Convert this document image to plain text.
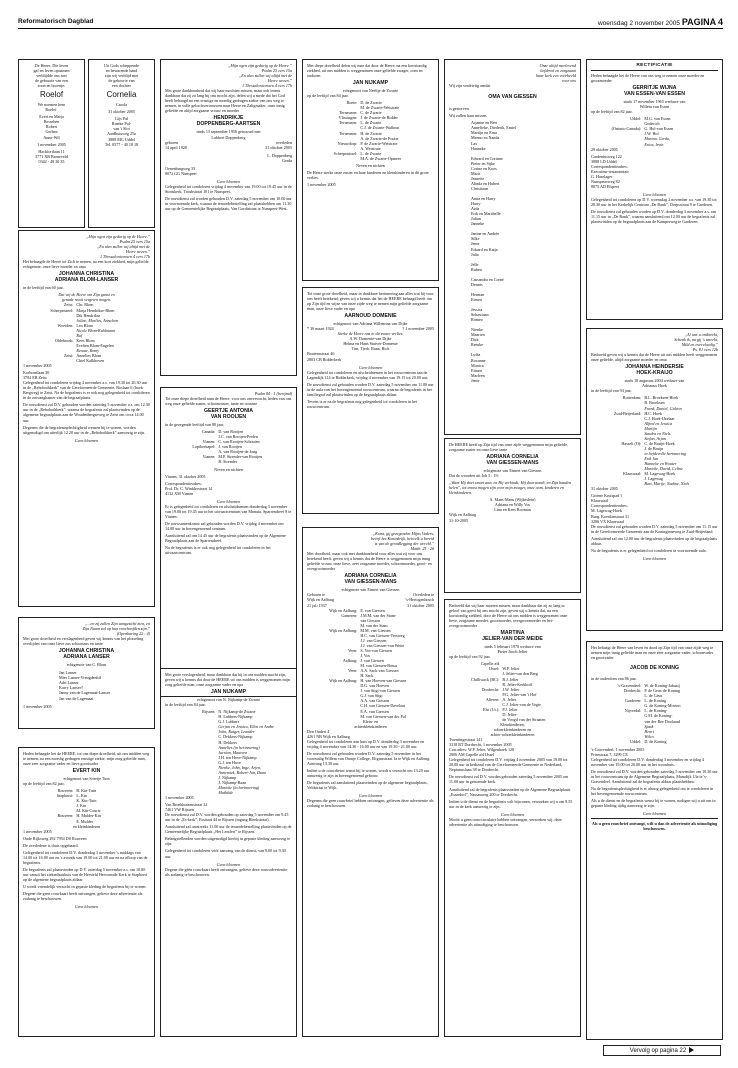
Reformatorisch Dagblad	woensdag 2 november 2005 PAGINA 4
De Heere, Die leven
gaf en leven opnamen
verblijdde ons met
de geboorte van een
zoon en broertje:
Roelof
We noemen hem
Roelof.

Evert en Marja
Bessehen
Robert
Gerben
Anne-Wil

1 november 2005

Hackfortlaan 11
3771 XB Barneveld
0342 - 49 30 35
Uit Gods scheppende
en bewarende hand
zijn wij verblijd met
de geboorte van
een dochter
Cornelia
Carola

31 oktober 2005

Gijs Pul
Rineke Pul-
van 't Slot
Aardhuisweg 25a
3888 MG Uddel
Tel. 0577 - 40 18 18
„Mijn ogen zijn gedurig op de Heere.”
Psalm 25 vers 15a
„En alzo zullen wij altijd met de
Heere wezen.”
1 Thessalonicensen 4 vers 17b

Het behaagde de Heere tot Zich te nemen, na een kort ziekbed, mijn geliefde echtgenote, onze lieve moeder en oma

JOHANNA CHRISTINA
ADRIANA BLOM-LANSER

in de leeftijd van 60 jaar.

Dat wij de Heere om Zijn gunst en
genade nooit vergeten mogen.
Zeist: Chr. Blom
Scherpenzeel: Marja Hendrikse-Blom
Dik Hendrikse
Joline, Marlies, Anneleen
Woerden: Leo Blom
Nicole Blom-Kuhlmann
Ruf
Oldebroek: Kees Blom
Evelien Blom-Engelen
Renate, Romy
Zeist: Annelies Blom
Chiel Kalkhoven

1 november 2005

Korhoenlaan 30
3704 EB Zeist

Gelegenheid tot condoleren vrijdag 4 november a.s. van 19.30 tot 20.30 uur in de „Rehobothkerk” van de Gereformeerde Gemeente, Boslaan 6 (hoek Bergweg) te Zeist. Na de begrafenis is er ook nog gelegenheid tot condoleren in de ontvangkamer van de begraafplaats.

De rouwdienst zal D.V. gehouden worden zaterdag 5 november a.s. om 12.30 uur in de „Rehobothkerk”, waarna de begrafenis zal plaatsvinden op de algemene begraafplaats aan de Woudenbergseweg te Zeist om circa 14.00 uur.

Degenen die de begrafenisplechtigheid wensen bij te wonen, worden uitgenodigd om uiterlijk 12.20 uur in de „Rehobothkerk” aanwezig te zijn.

Geen bloemen
„...en zij zullen Zijn aangezicht zien, en
Zijn Naam zal op hun voorhoofden zijn.”
(Openbaring 22 : 4)

Met grote droefheid en verslagenheid geven wij kennis van het plotseling overlijden van onze lieve zus schoonzus en tante

JOHANNA CHRISTINA
ADRIANA LANSER
echtgenote van C. Blom
Jan Lanser
Mies Lanser-Vreugdenhil
Adri Lanser
Korry Lanser†
Janny van de Lagemaat-Lanser
Jan van de Lagemaat

1 november 2005

Heden behaagde het de HEERE, tot ons diepe droefheid, uit ons midden weg te nemen, na een moedig gedragen ernstige ziekte, mijn zorg geliefde man, onze zeer zorgzame vader en lieve grootvader

EVERT KIN
echtgenoot van Soertje Tuin

op de leeftijd van 82 jaar.

Rouveen: B. Kin-Tuin
Staphorst: L. Kin
K. Kin-Tuin
J. Kin
M. Kin-Courtz
Rouveen: H. Mulder-Kin
E. Mulder
en kleinkinderen

1 november 2005

Oude Rijksweg 292 7954 DS Rouveen

De overledene is thuis opgebaard.

Gelegenheid tot condoleren D.V. donderdag 3 november 's middags van 14.00 tot 16.00 uur en 's avonds van 19.00 tot 21.00 uur en na afloop van de begrafenis.

De begrafenis zal plaatsvinden op D.V. zaterdag 5 november a.s. om 10.00 uur vanuit het ziekenhuishuis van de Hersteld Hervormde Kerk te Staphorst op de algemene begraafplaats aldaar.

U wordt vriendelijk verzocht in gepaste kleding de begrafenis bij te wonen.

Degene die geen rouwkaart heeft ontvangen, gelieve deze advertentie als zodanig te beschouwen.

Geen bloemen
„Mijn ogen zijn gedurig op de Heere.”
Psalm 25 vers 15a
„En alzo zullen wij altijd met de
Heere wezen.”
1 Thessalonicensen 4 vers 17b

Met grote dankbaarheid dat wij haar mochten missen, maar ook intens dankbaar dat zij zo lang bij ons mocht zijn, delen wij u mede dat het God heeft behaagd na een ernstige en moedig gedragen ziekte van ons weg te nemen, in volle geloofsvertrouwen naar Heere en Zaligmaker, onze innig geliefde en altijd zorgzame vrouw en moeder

HENDRIKJE
DOPPENBERG-AARTSEN
sinds 13 september 1956 getrouwd met
Lubbert Doppenberg
geboren	overleden
14 april 1928	31 oktober 2005
L. Doppenberg
Gerda
Oenenburgweg 33
8072 GG Nunspeet
Geen bloemen

Gelegenheid tot condoleren vrijdag 4 november van 19.00 tot 19.45 uur in de Sionskerk, Troubstraat 101 te Nunspeet.

De rouwdienst zal worden gehouden D.V. zaterdag 5 november om 10.00 uur in voornoemde kerk, waarna de teraardebestelling zal plaatshebben om 11.30 uur op de Gemeentelijke Begraafplaats, Van Gordtstraat te Nunspeet-West.

Psalm 84 : 1 (berijmd)

Tot onze diepe droefheid nam de Heere, voor ons onverwacht, heden van ons weg onze geliefde zuster, schoonzuster, tante en cousine

GEERTJE ANTONIA
VAN ROOIJEN

in de gezegende leeftijd van 80 jaar.

Canada: D. van Rooijen
J.C. van Rooijen-Peelen
Vianen: C. van Rooijen-Schouten
Lopikerkapel: J. van Rooijen
A. van Rooijen-de Jong
Vianen: M.P. Stremler-van Rooijen
B. Stremler
Neven en nichten

Vianen, 31 oktober 2005

Correspondentieadres:
Prof. Dr. C. Winklerstraat 14
4132 XM Vianen
Geen bloemen

Er is gelegenheid tot condoleren en afscheidnemen donderdag 3 november van 19.00 tot 19.45 uur in het uitvaartcentrum van Monuta, Sparrendreef 8 te Vianen.

De rouwsamenkomst zal gehouden worden D.V. vrijdag 4 november om 14.00 uur in bovengenoemd centrum.

Aansluitend zal om 14.45 uur de begrafenis plaatsvinden op de Algemene Begraafplaats aan de Sparrendreef.

Na de begrafenis is er ook nog gelegenheid tot condoleren in het uitvaartcentrum.

Met grote verslagenheid, maar dankbaar dat hij in ons midden mocht zijn, geven wij u kennis dat door de HEERE uit ons midden is weggenomen mijn zorg geliefde man, onze zorgzame vader en opa

JAN NIJKAMP
echtgenoot van N. Nijkamp-de Zwarte

in de leeftijd van 84 jaar.

Rijssen: N. Nijkamp-de Zwarte
H. Lubbers-Nijkamp
G.J. Lubbers
Gerjan en Jessica, Ellen en Andre
John, Rutger, Leander
C. Dekkers-Nijkamp
H. Dekkers
Annelies (in herinnering)
Jurrian, Maureen
J.H. ten Hove-Nijkamp
G.J. ten Hove
Nienke, John, Inge, Arjen,
Annemiek, Robert-Jan, Daan
J. Nijkamp
J. Nijkamp-Baan
Marieke (in herinnering)
Mathilde

1 november 2005

Van Broekhuizenstraat 32
7461 VW Rijssen

De rouwdienst zal D.V. worden gehouden op zaterdag 5 november om 9.45 uur in de „Es-kerk”, Esstraat 44 te Rijssen (ingang Bleekstraat).

Aansluitend zal omstreeks 11.00 uur de teraardebestelling plaatsvinden op de Gemeentelijke Begraafplaats „Het Lentfert” te Rijssen.

Belangstellenden worden uitgenodigd hierbij in gepaste kleding aanwezig te zijn.

Gelegenheid tot condoleren vóór aanvang van de dienst, van 9.00 tot 9.30 uur.

Geen bloemen

Degene die géén rouwkaart heeft ontvangen, gelieve deze rouwadvertentie als zodanig te beschouwen.

Met diepe droefheid delen wij mee dat door de Heere, na een kortstondig ziekbed, uit ons midden is weggenomen onze geliefde zwager, oom en oudoom

JAN NIJKAMP
echtgenoot van Neeltje de Zwarte

op de leeftijd van 84 jaar.

Boeie: D. de Zwarte
M. de Zwarte-Wetstrate
Terneuzen: C. de Zwarte
Vlissingen: J. de Zwarte-de Ridder
Terneuzen: L. de Zwarte
C.J. de Zwarte-Walhout
Terneuzen: H. de Zwarte
A. de Zwarte-de Pooter
Nieuwdorp: P. de Zwarte-Wetstrate
A. Wetstrate
Scherpenissel: L. de Zwarte
M.A. de Zwarte-Opmeer
Neven en nichten

De Heere sterke onze zuster en haar kinderen en kleinkinderen in dit grote verlies.

1 november 2005

Tot onze grote droefheid, maar in dankbare herinnering aan alles wat hij voor ons heeft betekend, geven wij u kennis dat het de HEERE behaagd heeft om op Zijn tijd en wijze van onze zijde weg te nemen mijn geliefde zorgzame man, onze lieve vader en opa

AARNOUD DOMENIE
echtgenoot van Adriana Willemina van Dijke
* 30 maart 1924	† 1 november 2005
Sterke de Heere ons in dit zware verlies.
A.W. Domenie-van Dijke
Helma en Hans Stuiver-Domenie
Tim, Tjerk, Rana, Rick
Boutensstraat 46
2803 CB Ridderkerk
Geen bloemen

Gelegenheid tot condoleren en afscheidnemen in het rouwcentrum aan de Lagendijk 114 te Ridderkerk, vrijdag 4 november van 19.15 tot 20.00 uur.

De rouwdienst zal gehouden worden D.V. zaterdag 5 november om 11.00 uur in de aula van het bovengenoemd rouwcentrum, waarna de begrafenis in het familiegraf zal plaatsvinden op de begraafplaats aldaar.

Tevens is er na de begrafenis nog gelegenheid tot condoleren in het rouwcentrum.

„Komt, gij gezegenden Mijns Vaders,
beërft het Koninkrijk, hetwelk u bereid
is van de grondlegging der wereld.”
Matth. 25 : 26

Met droefheid, maar ook met dankbaarheid voor alles wat zij voor ons betekend heeft, geven wij u kennis dat de Heere is weggenomen mijn innig geliefde vrouw, onze lieve, zeer zorgzame moeder, schoonmoeder, groot- en overgrootmoeder

ADRIANA CORNELIA
VAN GIESSEN-MANS
echtgenote van Eimert van Giessen
Geboren te	Overleden te
Wijk en Aalburg	's-Hertogenbosch
21 juli 1937	31 oktober 2005
Wijk en Aalburg: E. van Giessen
Gameren: J.M.M. van der Stam-
van Giessen
M. van der Stam
Wijk en Aalburg: M.M. van Giessen
H.C. van Giessen-Verstoeg
J.J. van Giessen
J.J. van Giessen-van Wette
Veen: S. Vos-van Giessen
J. Vos
Aalburg: J. van Giessen
M. van Giessen-Bassa
Veen: A.A. Sack-van Giessen
H. Sack
Wijk en Aalburg: H. van Hoeven-van Giessen
D.G. van Hoeven
J. van Stigt-van Giessen
G.J. van Stigt
A.A. van Giessen
C.H. van Giessen-Davelaar
E.A. van Giessen
M. van Giessen-van der Pol
Klein- en
achterkleinkinderen
Den Oudert 4
4261 NB Wijk en Aalburg

Gelegenheid tot condoleren aan huis op D.V. donderdag 3 november en vrijdag 4 november van 14.30 - 16.00 uur en van 19.30 - 21.00 uur.

De rouwdienst zal gehouden worden D.V. zaterdag 5 november in het voormalig Willem van Oranje College, Eligiusstraat 1a te Wijk en Aalburg. Aanvang 13.30 uur.

Indien u de rouwdienst wenst bij te wonen, wordt u verzocht om 13.20 uur aanwezig te zijn in bovengenoemd gebouw.

De begrafenis zal aansluitend plaatsvinden op de algemene begraafplaats, Veldstraat te Wijk.

Geen bloemen

Degenen die geen rouwbrief hebben ontvangen, gelieven deze advertentie als zodanig te beschouwen.

Onze altijd meelevend
liefdevol en zorgzaam
haar kerk een voorbeeld
voor ons

Wij zijn verdrietig omdat

OMA VAN GIESSEN

is gestorven.

Wij zullen haar missen.

Arjanne en Bert
Annelieke, Diederik, Emiel
Martijn en Erna
Menno en Nanda
Las
Hanneke

Edward en Corinne
Pieter en Sijke
Corine en Koos
Marit
Jeanette
Alinda en Hubert
Christiaan

Anita en Harry
Harry
Arda
Erik en Marabelle
Julian
Janneke

Janine en Andrée
Silke
Jente
Eduard en Katja
Julia

Jelle
Ruben

Cassandra en Corné
Dennis

Herman
Eimert

Jessica
Sebastiaan
Romeo

Nienke
Maarten
Dirk
Renske

Lydia
Roxanne
Monica
Eimert
Marleen
Jente

De HEERE heeft op Zijn tijd van onze zijde weggenomen mijn geliefde, zorgzame zuster en onze lieve tante

ADRIANA CORNELIA
VAN GIESSEN-MANS
echtgenote van Eimert van Giessen

Dat de woorden uit Job 5 : 19:

„Want Hij doet smart aan, en Hij verbindt; Hij doorwondt, en Zijn handen helen”, tot troost mogen zijn voor mijn zwager, onze oom, kinderen en kleinkinderen.

A. Mans-Mans (Wijkeslein)
Adriana en Willy Vos
Lina en Kees Rooman
Wijk en Aalburg
31-10-2005

Bedroefd dat wij haar moeten missen, maar dankbaar dat zij zo lang in geloof van geest bij ons mocht zijn, geven wij u kennis dat, na een kortstondig ziekbed, door de Heere uit ons midden is weggenomen onze lieve, zorgzame moeder, grootmoeder, overgrootmoeder en bet-overgrootmoeder

MARTINA
JELIER-VAN DER MEIDE
sinds 5 februari 1970 weduwe van
Pieter Jacob Jelier

op de leeftijd van 92 jaar.

Capelle a/d
IJssel: W.P. Jelier
J. Jelier-van den Berg
Chilliwack (BC): B.J. Jelier
R. Jelier-Kerkhoff
Dordrecht: J.W. Jelier
P.G. Jelier-van 't Hof
Alteren: A. Jelier
C.J. Jelier-van de Vegte
Elst (Ut.): P.J. Jelier
D. Jelier-
de Voogd van der Straaten
Kleinkinderen,
achterkleinkinderen en
achter-achterkleinkinderen
Twentingestraat 141
3318 BT Dordrecht, 1 november 2005
Corr.adres: W.P. Jelier, Wilgenhoek 128
2906 AM Capelle a/d IJssel

Gelegenheid tot condoleren D.V. vrijdag 4 november 2005 van 19.00 tot 20.00 uur in kerkzaal van de Gereformeerde Gemeente in Nederland, Neptunuslaan 38 te Dordrecht.

De rouwdienst zal D.V. worden gehouden zaterdag 5 november 2005 om 11.00 uur in genoemde kerk.

Aansluitend zal de begrafenis plaatsvinden op de Algemene Begraafplaats „Essenhof”, Nassauweg 200 te Dordrecht.

Indien u de dienst en de begrafenis wilt bijwonen, verzoeken wij u om 9.55 uur in de kerk aanwezig te zijn.

Geen bloemen

Mocht u geen rouwcirculaire hebben ontvangen, verzoeken wij, deze advertentie als uitnodiging te beschouwen.

RECTIFICATIE

Heden behaagde het de Heere van ons weg te nemen onze moeder en grootmoeder

GERRITJE WIJNA
VAN ESSEN-VAN ESSEN
sinds 17 november 1965 weduwe van
Willem van Essen

op de leeftijd van 82 jaar.

Uddel: M.G. van Essen
Goderich
(Ontario Canada): G. Hol-van Essen
J.W. Hol
Marina, Gerda,
Erica, Irvin

29 oktober 2005

Gardeniusweg 122
3888 LD Uddel
Correspondentieadres:
Executeur-testamentair
G. Haselager
Nunspeterweg 82
8075 AD Elspeet
Geen bloemen

Gelegenheid tot condoleren op D.V. woensdag 2 november a.s. van 19.30 tot 20.30 uur in het Kerkelijk Centrum „De Rank”, Dorpsstraat 9 te Garderen.

De rouwdienst zal gehouden worden op D.V. donderdag 3 november a.s. om 11.15 uur in „De Rank”, waarna aansluitend om 12.00 uur de begrafenis zal plaatsvinden op de begraafplaats aan de Kamperweg te Garderen.

„Al wat u ontbreekt,
Schenk ik, na gij 's smeekt,
Mild en overvloedig.”
Ps. 81 vers 12b

Bedroefd geven wij u kennis dat de Heere uit ons midden heeft weggenomen onze geliefde, altijd zorgzame moeder en oma

JOHANNA HEINDERSIE
HOEK-KRAIJO
sinds 10 augustus 2004 weduwe van
Adrianus Hoek

in de leeftijd van 94 jaar.

Rotterdam: B.L. Broeksen-Hoek
B. Broeksen
Frank, Daniel, Gideon
Zuid-Beijerland: H.C. Hoek
C.J. Hoek-IJzelaar
Alfred en Jessica
Martijn
Sandra en Niels
Stefan, Arjan
Hasselt (O): C. de Bruijn-Hoek
J. de Bruijn
in liefdevolle herinnering
Erik Jan
Hanneke en Wouter
Marieke, David, Celine
Klaaswaal: M. Lagewag-Hoek
J. Lagewag
Bart, Marije, Nadine, Niels

31 oktober 2005

Groene Kruispad 1
Klaaswaal
Correspondentieadres:
M. Lagewag-Hoek
Burg. Koenlanstraat 31
3286 VX Klaaswaal

De rouwdienst zal gehouden worden D.V. zaterdag 5 november om 11.15 uur in de Gereformeerde Gemeente aan de Koninginneweg te Zuid-Beijerland.

Aansluitend zal om 12.00 uur de begrafenis plaatsvinden op de begraafplaats aldaar.

Na de begrafenis is er gelegenheid tot condoleren in voornoemde aula.

Geen bloemen

Het behaagt de Heere van leven en dood op Zijn tijd van onze zijde weg te nemen mijn innig geliefde man en onze zeer zorgzame vader, schoonvader en grootvader

JACOB DE KONING

in de ouderdom van 86 jaar.

's-Gravendeel: W. de Koning-Jabaaij
Dordrecht: P. de Geus-de Koning
L. de Geus
Garderen: L. de Koning
G. de Koning-Mostert
Nijverdal: L. de Koning-
G.M. de Koning-
van der Ree Doolaard
Sjaak
Henri
Wilco
Uddel: D. de Koning
's-Gravendeel, 1 november 2005
Prinsstraat 7, 3299 CE

Gelegenheid tot condoleren D.V. donderdag 3 november en vrijdag 4 november van 19.00 tot 20.00 uur in het woonhuis.

De rouwdienst zal D.V. worden gehouden zaterdag 5 november om 10.30 uur in het rouwcentrum op de Algemene Begraafplaats, Maasdijk 13a te 's-Gravendeel. Aansluitend zal de begrafenis aldaar plaatshebben.

Na de begrafenisplechtigheid is er alsnog gelegenheid om te condoleren in het bovengenoemde rouwcentrum.

Als u de dienst en de begrafenis wenst bij te wonen, nodigen wij u uit om in gepaste kleding tijdig aanwezig te zijn.

Geen bloemen

Als u geen rouwbrief ontvangt, wilt u dan de advertentie als uitnodiging beschouwen.

Vervolg op pagina 22
